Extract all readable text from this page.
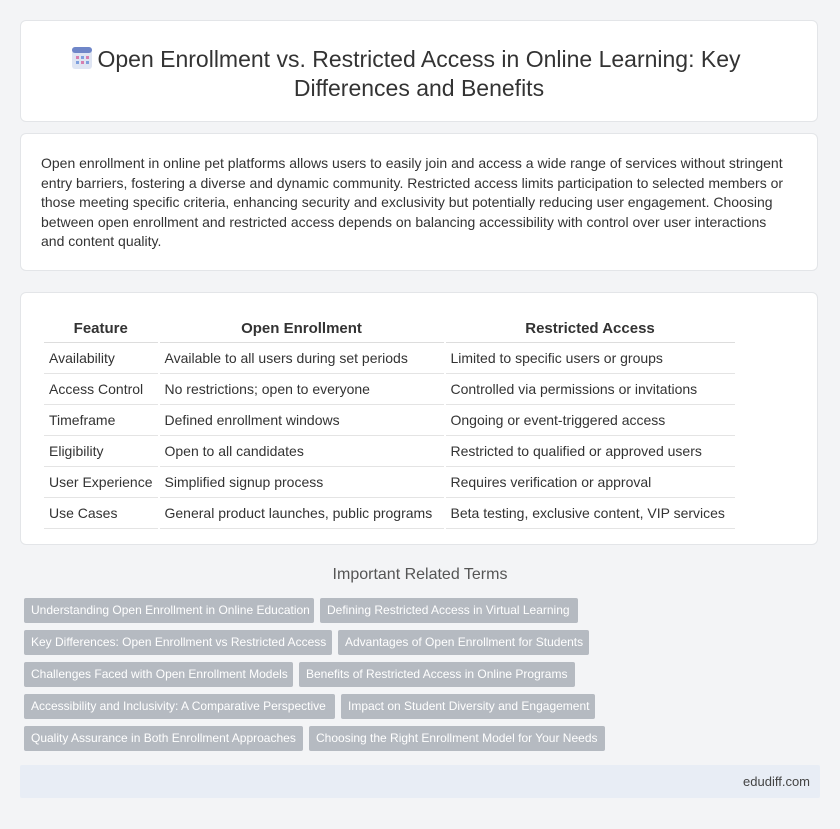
Open Enrollment vs. Restricted Access in Online Learning: Key Differences and Benefits

Open enrollment in online pet platforms allows users to easily join and access a wide range of services without stringent entry barriers, fostering a diverse and dynamic community. Restricted access limits participation to selected members or those meeting specific criteria, enhancing security and exclusivity but potentially reducing user engagement. Choosing between open enrollment and restricted access depends on balancing accessibility with control over user interactions and content quality.

Feature	Open Enrollment	Restricted Access
Availability	Available to all users during set periods	Limited to specific users or groups
Access Control	No restrictions; open to everyone	Controlled via permissions or invitations
Timeframe	Defined enrollment windows	Ongoing or event-triggered access
Eligibility	Open to all candidates	Restricted to qualified or approved users
User Experience	Simplified signup process	Requires verification or approval
Use Cases	General product launches, public programs	Beta testing, exclusive content, VIP services
Important Related Terms
Understanding Open Enrollment in Online Education	Defining Restricted Access in Virtual Learning
Key Differences: Open Enrollment vs Restricted Access	Advantages of Open Enrollment for Students
Challenges Faced with Open Enrollment Models	Benefits of Restricted Access in Online Programs
Accessibility and Inclusivity: A Comparative Perspective	Impact on Student Diversity and Engagement
Quality Assurance in Both Enrollment Approaches	Choosing the Right Enrollment Model for Your Needs
edudiff.com
